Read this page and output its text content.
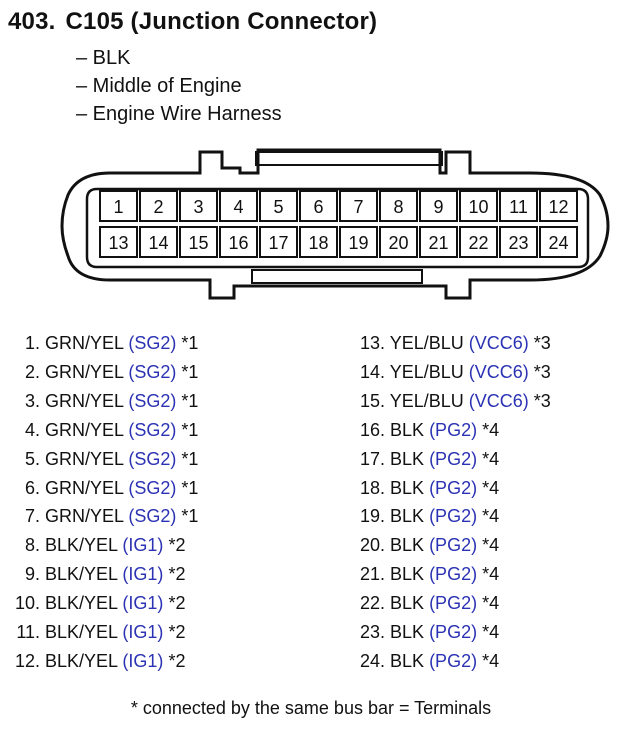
403. C105 (Junction Connector)
– BLK
– Middle of Engine
– Engine Wire Harness
1 2 3 4 5 6 7 8 9 10 11 12
13 14 15 16 17 18 19 20 21 22 23 24
1. GRN/YEL (SG2) *1
2. GRN/YEL (SG2) *1
3. GRN/YEL (SG2) *1
4. GRN/YEL (SG2) *1
5. GRN/YEL (SG2) *1
6. GRN/YEL (SG2) *1
7. GRN/YEL (SG2) *1
8. BLK/YEL (IG1) *2
9. BLK/YEL (IG1) *2
10. BLK/YEL (IG1) *2
11. BLK/YEL (IG1) *2
12. BLK/YEL (IG1) *2
13. YEL/BLU (VCC6) *3
14. YEL/BLU (VCC6) *3
15. YEL/BLU (VCC6) *3
16. BLK (PG2) *4
17. BLK (PG2) *4
18. BLK (PG2) *4
19. BLK (PG2) *4
20. BLK (PG2) *4
21. BLK (PG2) *4
22. BLK (PG2) *4
23. BLK (PG2) *4
24. BLK (PG2) *4
* connected by the same bus bar = Terminals
